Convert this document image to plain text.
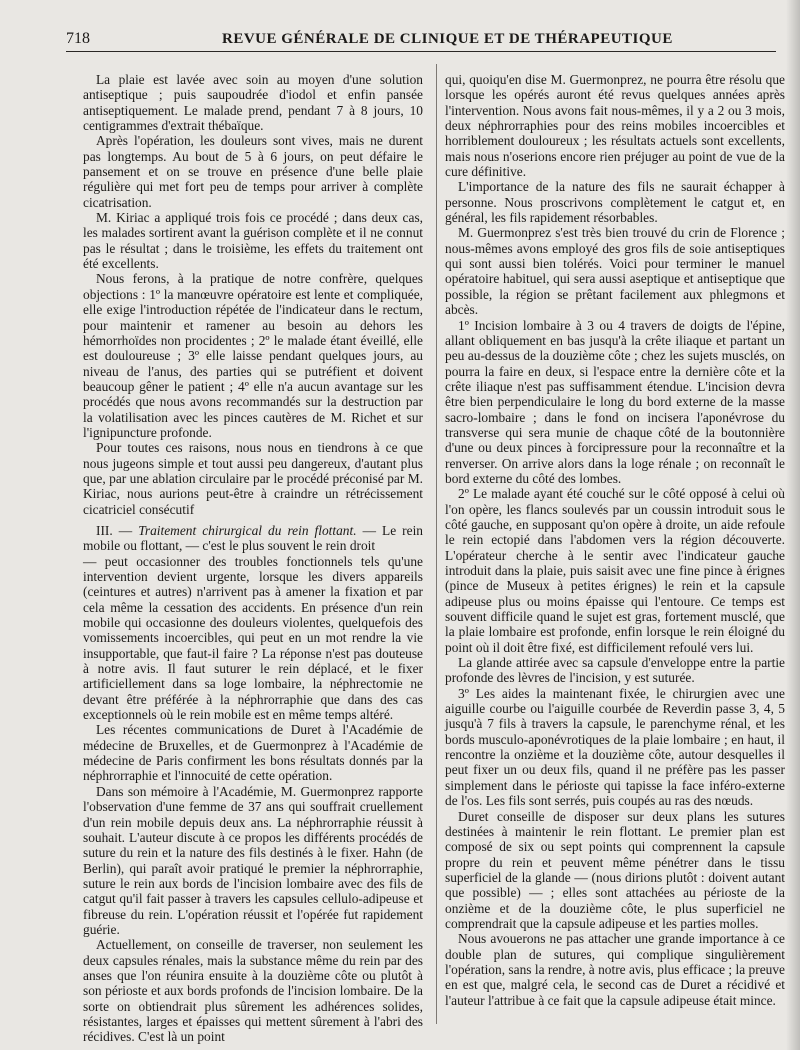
718	REVUE GÉNÉRALE DE CLINIQUE ET DE THÉRAPEUTIQUE

La plaie est lavée avec soin au moyen d'une solution antiseptique ; puis saupoudrée d'iodol et enfin pansée antiseptiquement. Le malade prend, pendant 7 à 8 jours, 10 centigrammes d'extrait thébaïque.

Après l'opération, les douleurs sont vives, mais ne durent pas longtemps. Au bout de 5 à 6 jours, on peut défaire le pansement et on se trouve en présence d'une belle plaie régulière qui met fort peu de temps pour arriver à complète cicatrisation.

M. Kiriac a appliqué trois fois ce procédé ; dans deux cas, les malades sortirent avant la guérison complète et il ne connut pas le résultat ; dans le troisième, les effets du traitement ont été excellents.

Nous ferons, à la pratique de notre confrère, quelques objections : 1º la manœuvre opératoire est lente et compliquée, elle exige l'introduction répétée de l'indicateur dans le rectum, pour maintenir et ramener au besoin au dehors les hémorrhoïdes non procidentes ; 2º le malade étant éveillé, elle est douloureuse ; 3º elle laisse pendant quelques jours, au niveau de l'anus, des parties qui se putréfient et doivent beaucoup gêner le patient ; 4º elle n'a aucun avantage sur les procédés que nous avons recommandés sur la destruction par la volatilisation avec les pinces cautères de M. Richet et sur l'ignipuncture profonde.

Pour toutes ces raisons, nous nous en tiendrons à ce que nous jugeons simple et tout aussi peu dangereux, d'autant plus que, par une ablation circulaire par le procédé préconisé par M. Kiriac, nous aurions peut-être à craindre un rétrécissement cicatriciel consécutif

III. — Traitement chirurgical du rein flottant. — Le rein mobile ou flottant, — c'est le plus souvent le rein droit

— peut occasionner des troubles fonctionnels tels qu'une intervention devient urgente, lorsque les divers appareils (ceintures et autres) n'arrivent pas à amener la fixation et par cela même la cessation des accidents. En présence d'un rein mobile qui occasionne des douleurs violentes, quelquefois des vomissements incoercibles, qui peut en un mot rendre la vie insupportable, que faut-il faire ? La réponse n'est pas douteuse à notre avis. Il faut suturer le rein déplacé, et le fixer artificiellement dans sa loge lombaire, la néphrectomie ne devant être préférée à la néphrorraphie que dans des cas exceptionnels où le rein mobile est en même temps altéré.

Les récentes communications de Duret à l'Académie de médecine de Bruxelles, et de Guermonprez à l'Académie de médecine de Paris confirment les bons résultats donnés par la néphrorraphie et l'innocuité de cette opération.

Dans son mémoire à l'Académie, M. Guermonprez rapporte l'observation d'une femme de 37 ans qui souffrait cruellement d'un rein mobile depuis deux ans. La néphrorraphie réussit à souhait. L'auteur discute à ce propos les différents procédés de suture du rein et la nature des fils destinés à le fixer. Hahn (de Berlin), qui paraît avoir pratiqué le premier la néphrorraphie, suture le rein aux bords de l'incision lombaire avec des fils de catgut qu'il fait passer à travers les capsules cellulo-adipeuse et fibreuse du rein. L'opération réussit et l'opérée fut rapidement guérie.

Actuellement, on conseille de traverser, non seulement les deux capsules rénales, mais la substance même du rein par des anses que l'on réunira ensuite à la douzième côte ou plutôt à son périoste et aux bords profonds de l'incision lombaire. De la sorte on obtiendrait plus sûrement les adhérences solides, résistantes, larges et épaisses qui mettent sûrement à l'abri des récidives. C'est là un point

qui, quoiqu'en dise M. Guermonprez, ne pourra être résolu que lorsque les opérés auront été revus quelques années après l'intervention. Nous avons fait nous-mêmes, il y a 2 ou 3 mois, deux néphrorraphies pour des reins mobiles incoercibles et horriblement douloureux ; les résultats actuels sont excellents, mais nous n'oserions encore rien préjuger au point de vue de la cure définitive.

L'importance de la nature des fils ne saurait échapper à personne. Nous proscrivons complètement le catgut et, en général, les fils rapidement résorbables.

M. Guermonprez s'est très bien trouvé du crin de Florence ; nous-mêmes avons employé des gros fils de soie antiseptiques qui sont aussi bien tolérés. Voici pour terminer le manuel opératoire habituel, qui sera aussi aseptique et antiseptique que possible, la région se prêtant facilement aux phlegmons et abcès.

1º Incision lombaire à 3 ou 4 travers de doigts de l'épine, allant obliquement en bas jusqu'à la crête iliaque et partant un peu au-dessus de la douzième côte ; chez les sujets musclés, on pourra la faire en deux, si l'espace entre la dernière côte et la crête iliaque n'est pas suffisamment étendue. L'incision devra être bien perpendiculaire le long du bord externe de la masse sacro-lombaire ; dans le fond on incisera l'aponévrose du transverse qui sera munie de chaque côté de la boutonnière d'une ou deux pinces à forcipressure pour la reconnaître et la renverser. On arrive alors dans la loge rénale ; on reconnaît le bord externe du côté des lombes.

2º Le malade ayant été couché sur le côté opposé à celui où l'on opère, les flancs soulevés par un coussin introduit sous le côté gauche, en supposant qu'on opère à droite, un aide refoule le rein ectopié dans l'abdomen vers la région découverte. L'opérateur cherche à le sentir avec l'indicateur gauche introduit dans la plaie, puis saisit avec une fine pince à érignes (pince de Museux à petites érignes) le rein et la capsule adipeuse plus ou moins épaisse qui l'entoure. Ce temps est souvent difficile quand le sujet est gras, fortement musclé, que la plaie lombaire est profonde, enfin lorsque le rein éloigné du point où il doit être fixé, est difficilement refoulé vers lui.

La glande attirée avec sa capsule d'enveloppe entre la partie profonde des lèvres de l'incision, y est suturée.

3º Les aides la maintenant fixée, le chirurgien avec une aiguille courbe ou l'aiguille courbée de Reverdin passe 3, 4, 5 jusqu'à 7 fils à travers la capsule, le parenchyme rénal, et les bords musculo-aponévrotiques de la plaie lombaire ; en haut, il rencontre la onzième et la douzième côte, autour desquelles il peut fixer un ou deux fils, quand il ne préfère pas les passer simplement dans le périoste qui tapisse la face inféro-externe de l'os. Les fils sont serrés, puis coupés au ras des nœuds.

Duret conseille de disposer sur deux plans les sutures destinées à maintenir le rein flottant. Le premier plan est composé de six ou sept points qui comprennent la capsule propre du rein et peuvent même pénétrer dans le tissu superficiel de la glande — (nous dirions plutôt : doivent autant que possible) — ; elles sont attachées au périoste de la onzième et de la douzième côte, le plus superficiel ne comprendrait que la capsule adipeuse et les parties molles.

Nous avouerons ne pas attacher une grande importance à ce double plan de sutures, qui complique singulièrement l'opération, sans la rendre, à notre avis, plus efficace ; la preuve en est que, malgré cela, le second cas de Duret a récidivé et l'auteur l'attribue à ce fait que la capsule adipeuse était mince.
